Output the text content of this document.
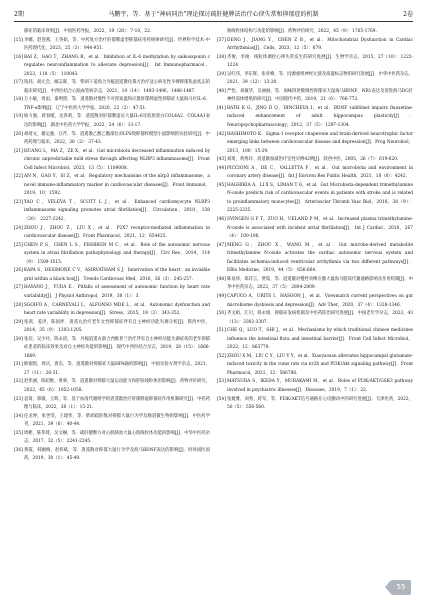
2期	马鹏宇，等．基于“神病同治”理论探讨疏肝健脾法治疗心律失常和抑郁症的机制	2卷
郁症的临床效果[J]．中国医药导报，2022，19（28）：7-10，22.
[15] 李娜，赵莲燕，王英娟，等．中药复方治疗肝郁脾虚型抑郁症用药规律研究[J]．世界科学技术-中医药现代化，2023，25（3）：944-951.
[16] BAI Z，GAO T，ZHANG R，et al．Inhibition of IL-6 methylation by saikosaponin c regulates neuroinflammation to alleviate depression[J]．Int Immunopharmacol，2023，118（5）：110043.
[17] 钱玮，胡元会，邮志晖，等．柴胡干姜汤合丹栀逍遥散化裁方治疗冠心病室性早搏抑郁焦虑状态的临床研究[J]．中西医结合心脑血管病杂志，2021，19（14）：1493-1496，1486-1487.
[18] 万小敏，周雨，秦明照，等．逍遥散对慢性不可预知温和应激肝郁脾虚型抑郁症大鼠海马区IL-6、TNF-α影响[J]．辽宁中医药大学学报，2020，22（2）：47-51.
[19] 杨力强，蒋春暖，龙春莉，等．逍遥散对肝郁脾虚证大鼠IL-6及胶原蛋白COL4A2、COL4A1表达的影响[J]．湖北中医药大学学报，2022，24（6）：13-17.
[20] 胡靖文，谢运强，汪芹，等．逍遥散乙醇乙酯部位对LPS致抑郁样模型小鼠影响的实验研究[J]．中药药理与临床，2022，38（2）：37-43.
[21] HUANG L，MA Z，ZE X，et al．Gut microbiota decreased inflammation induced by chronic unpredictable mild stress through affecting NLRP3 inflammasome[J]．Front Cell Infect Microbiol，2023，13（5）：1189008.
[22] AN N，GAO Y，SI Z，et al．Regulatory mechanisms of the nlrp3 inflammasome，a novel immune-inflammatory marker in cardiovascular diseases[J]．Front Immunol，2019，10：1592.
[23] YAO C，VELEVA T，SCOTT L J，et al．Enhanced cardiomyocyte NLRP3 inflammasome signaling promotes atrial fibrillation[J]．Circulation，2018，138（20）：2227-2242.
[24] ZHOU J，ZHOU Z，LIU X，et al．P2X7 receptor-mediated inflammation in cardiovascular disease[J]．Front Pharmacol，2021，12：654425.
[25] CHEN P S，CHEN L S，FISHBEIN M C，et al．Role of the autonomic nervous system in atrial fibrillation pathophysiology and therapy[J]．Circ Res，2014，114（9）：1500-1515.
[26] KAPA S，DESIMONE C V，ASIRVATHAM S J．Innervation of the heart：an invisible grid within a black box[J]．Trends Cardiovasc Med，2016，26（3）：245-257.
[27] HAYANO J，YUDA E．Pitfalls of assessment of autonomic function by heart rate variability[J]．J Physiol Anthropol，2019，38（1）：3.
[28] SGOIFO A，CARNEVALI L，ALFONSO MDE L，et al．Autonomic dysfunction and heart rate variability in depression[J]．Stress，2015，18（3）：343-352.
[29] 张鸿，姜洪，陈国坪．逍遥丸治疗老年女性抑郁症伴有自主神经功能失调分析[J]．陕西中医，2014，35（9）：1203-1205.
[30] 张培，吴少玲，陈永清，等．丹栀逍遥丸联合西酞普兰治疗伴有自主神经功能失调症状的老年抑郁症患者的临床效果及对自主神经功能的影响[J]．现代中西医结合杂志，2019，28（15）：1666-1669.
[31] 欧锡凯，周庆，唐东，等．逍遥散对抑郁症大鼠HPA轴的影响[J]．中国实验方剂学杂志，2021，27（11）：26-31.
[32] 赵伟涵，陈绍维，黄翠，等．逍遥散对抑郁大鼠运动能力和肝脏线粒体的影响[J]．药物评价研究，2022，45（6）：1052-1058.
[33] 袁琦，郭敏，王辉，等．基于血清代谢组学的逍遥散治疗肝郁脾虚抑郁症作用机制研究[J]．中药药理与临床，2022，38（1）：15-21.
[34] 任龙婷，张世雯，王建伟，等．柴胡疏肝散对抑郁大鼠行为学及肠道微生物的影响[J]．中医药学刊，2021，39（6）：40-44.
[35] 周彬，陈伟琦，吴文娴，等．疏肝健脾方对心肌缺血大鼠心肌线粒体功能的影响[J]．中华中医药杂志，2017，32（5）：2241-2245.
[36] 黄霞，韩刚梅，赵炜斌，等．逍遥散对抑郁大鼠行为学及海马BDNF表达的影响[J]．时珍国医国药，2019，30（1）：45-49.
肠线粒体结构与功能的影响[J]．药物评价研究，2022，45（9）：1765-1769.
[37] DENG J，JIANG Y，CHEN Z B，et al．Mitochondrial Dysfunction in Cardiac Arrhythmias[J]．Cells，2023，12（5）：679.
[38] 齐俊，李俊．线粒体调控心律失常发生的研究进展[J]．生物学杂志，2015，27（10）：1222-1224.
[39] 吴红伟，李东辉，张青峰，等．同源重组神经元链及质量标志物的研究进展[J]．中华中医药杂志，2021，39（12）：13-20.
[40] 严怡，刘敏华，吴丽丽，等．加味四逆散调控抑郁症大鼠海马BDNF、NR1表达及促进海马DG区神经前体增殖的研究[J]．中国现代中药，2019，21（6）：766-772.
[41] BATH K G，JING D Q，DINCHEVA I，et al．BDNF val66met impairs fluoxetine-induced enhancement of adult hippocampus plasticity[J]．Neuropsychopharmacology，2012，37（5）：1297-1304.
[42] HASHIMOTO K．Sigma-1 receptor chaperone and brain-derived neurotrophic factor emerging links between cardiovascular disease and depression[J]．Prog Neurobiol，2013，100：15-29.
[43] 刘琦，黄秀玲．消逍散加减治疗室性早搏42例[J]．陕西中医，2005，26（7）：619-620.
[44] PICCIONI A，DE C，VALLETTA F，et al．Gut microbiota and environment in coronary artery disease[J]．Int J Environ Res Public Health，2021，18（8）：4242.
[45] HAGHIKIA A，LI X S，LIMAN T G，et al．Gut Microbiota-dependent trimethylamine N-oxide predicts risk of cardiovascular events in patients with stroke and is related to proinflammatory monocytes[J]．Arterioscler Thromb Vasc Biol，2018，38（9）：2225-2235.
[46] SVINGEN G F T，ZUO H，UELAND P M，et al．Increased plasma trimethylamine-N-oxide is associated with incident atrial fibrillation[J]．Int J Cardiol，2018，267（4）：100-106.
[47] MENG G，ZHOU X，WANG M，et al．Gut microbe-derived metabolite trimethylamine N-oxide activates the cardiac autonomic nervous system and facilitates ischemia-induced ventricular arrhythmia via two different pathways[J]．EBio Medicine，2019，44（5）：656-664.
[48] 陈泉炜，郑诗言，贾茹，等．逍遥散对慢性束缚应激大鼠海马脂质代谢通路影响及作用机制[J]．中华中医药杂志，2022，37（5）：2804-2809.
[49] CAPUCO A，URITS I，HASOON J，et al．Viewmatch current perspectives on gut microbiome dysbiosis and depression[J]．Adv Ther，2020，37（4）：1328-1346.
[50] 齐文娟，江川，蒋永娟．抑郁症发病机制及中医药防治研究进展[J]．中国老年学杂志，2023，43（13）：3302-3307.
[51] CHE Q，LUO T，SHI J，et al．Mechanisms by which traditional chinese medicines influence the intestinal flora and intestinal barrier[J]．Front Cell Infect Microbiol，2022，12：863779.
[52] ZHOU X M，LIU C Y，LIU Y Y，et al．Xiaoyaosan alleviates hippocampal glutamate-induced toxicity in the cums rats via nr2b and PI3K/Akt signaling pathway[J]．Front Pharmacol，2021，12：586788.
[53] MATSUDA S，IKEDA Y，MURAKAMI M，et al．Roles of PI3K/AKT/GSK3 pathway involved in psychiatric illnesses[J]．Diseases，2019，7（1）：22.
[54] 张婕雅，刘秀，蒋军，等．PI3K/AKT信号通路在心房颤动中的研究进展[J]．天津医药，2022，50（5）：556-560.
55
